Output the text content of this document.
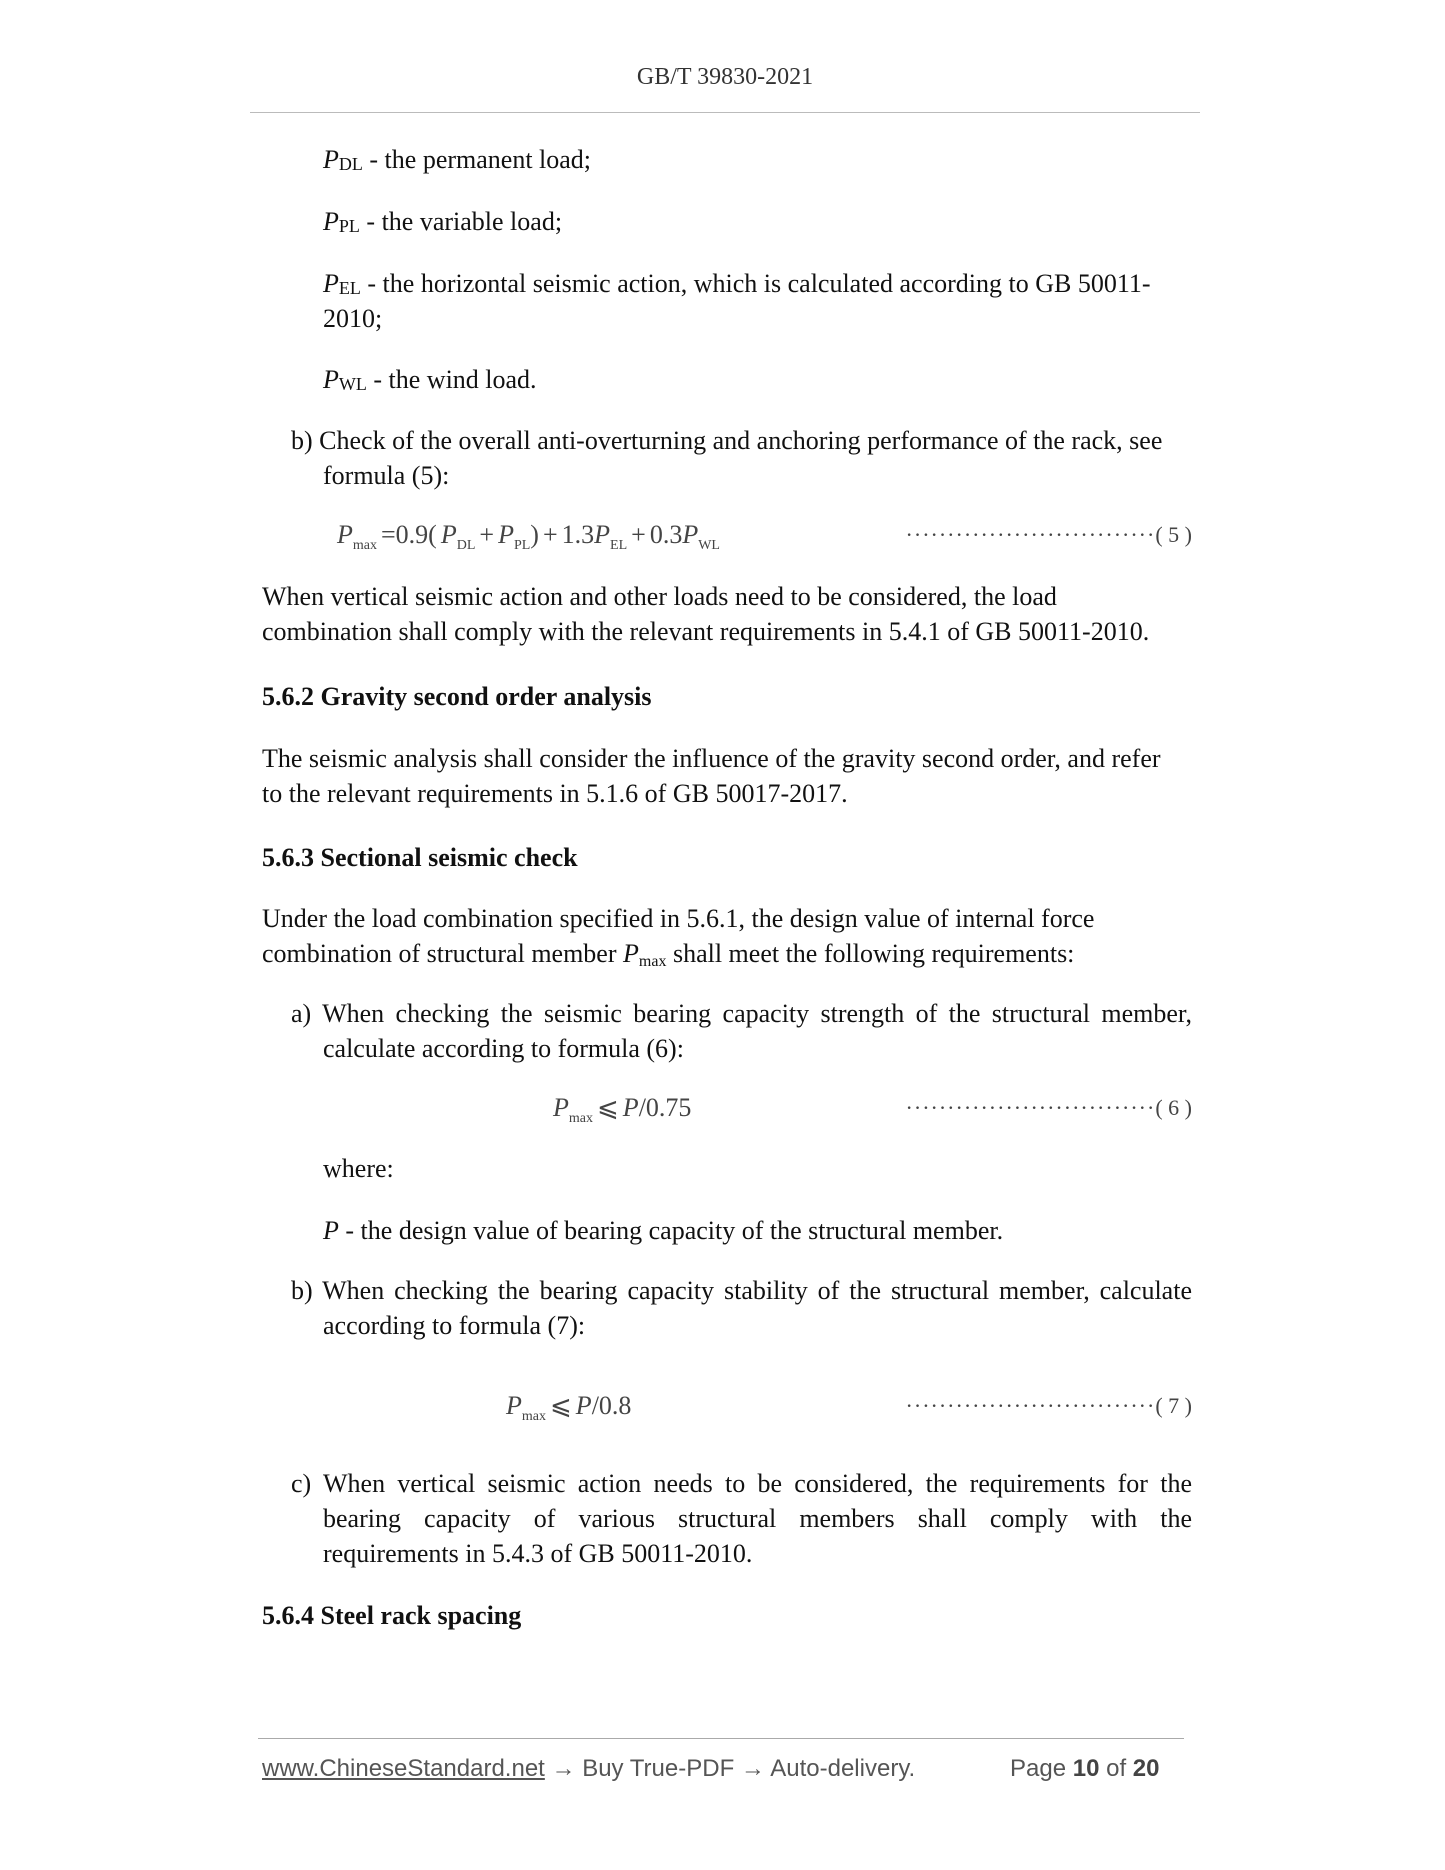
GB/T 39830-2021
PDL - the permanent load;
PPL - the variable load;
PEL - the horizontal seismic action, which is calculated according to GB 50011-
2010;
PWL - the wind load.
b) Check of the overall anti-overturning and anchoring performance of the rack, see
formula (5):
$P_{max} =0.9$( $P_{DL} + P_{PL}) + 1.3P_{EL} + 0.3P_{WL}$	······························( 5 )
When vertical seismic action and other loads need to be considered, the load
combination shall comply with the relevant requirements in 5.4.1 of GB 50011-2010.
5.6.2 Gravity second order analysis
The seismic analysis shall consider the influence of the gravity second order, and refer
to the relevant requirements in 5.1.6 of GB 50017-2017.
5.6.3 Sectional seismic check
Under the load combination specified in 5.6.1, the design value of internal force
combination of structural member $P_{max}$ shall meet the following requirements:
a) When checking the seismic bearing capacity strength of the structural member,
calculate according to formula (6):
$P_{max}$ ⩽ P/0.75	······························( 6 )
where:
P - the design value of bearing capacity of the structural member.
b) When checking the bearing capacity stability of the structural member, calculate
according to formula (7):
$P_{max}$ ⩽ P/0.8	······························( 7 )
c) When vertical seismic action needs to be considered, the requirements for the
bearing capacity of various structural members shall comply with the
requirements in 5.4.3 of GB 50011-2010.
5.6.4 Steel rack spacing
www.ChineseStandard.net → Buy True-PDF → Auto-delivery.	Page 10 of 20
